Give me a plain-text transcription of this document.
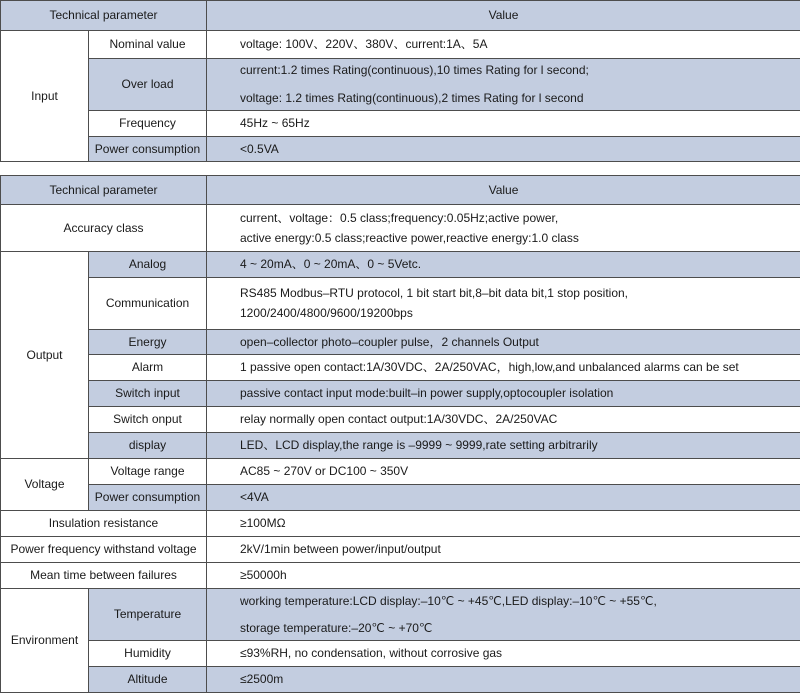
Technical parameter		Value
Input	Nominal value	voltage: 100V、220V、380V、current:1A、5A

	Over load	current:1.2 times Rating(continuous),10 times Rating for l second;
voltage: 1.2 times Rating(continuous),2 times Rating for l second

	Frequency	45Hz ~ 65Hz

	Power consumption	<0.5VA
Technical parameter		Value
Accuracy class		current、voltage：0.5 class;frequency:0.05Hz;active power,
active energy:0.5 class;reactive power,reactive energy:1.0 class

Output	Analog	4 ~ 20mA、0 ~ 20mA、0 ~ 5Vetc.

	Communication	RS485 Modbus–RTU protocol, 1 bit start bit,8–bit data bit,1 stop position,
1200/2400/4800/9600/19200bps

	Energy	open–collector photo–coupler pulse，2 channels Output

	Alarm	1 passive open contact:1A/30VDC、2A/250VAC，high,low,and unbalanced alarms can be set

	Switch input	passive contact input mode:built–in power supply,optocoupler isolation

	Switch onput	relay normally open contact output:1A/30VDC、2A/250VAC

	display	LED、LCD display,the range is –9999 ~ 9999,rate setting arbitrarily

Voltage	Voltage range	AC85 ~ 270V or DC100 ~ 350V

	Power consumption	<4VA

Insulation resistance		≥100MΩ

Power frequency withstand voltage		2kV/1min between power/input/output

Mean time between failures		≥50000h

Environment	Temperature	working temperature:LCD display:–10℃ ~ +45℃,LED display:–10℃ ~ +55℃,
storage temperature:–20℃ ~ +70℃

	Humidity	≤93%RH, no condensation, without corrosive gas

	Altitude	≤2500m
